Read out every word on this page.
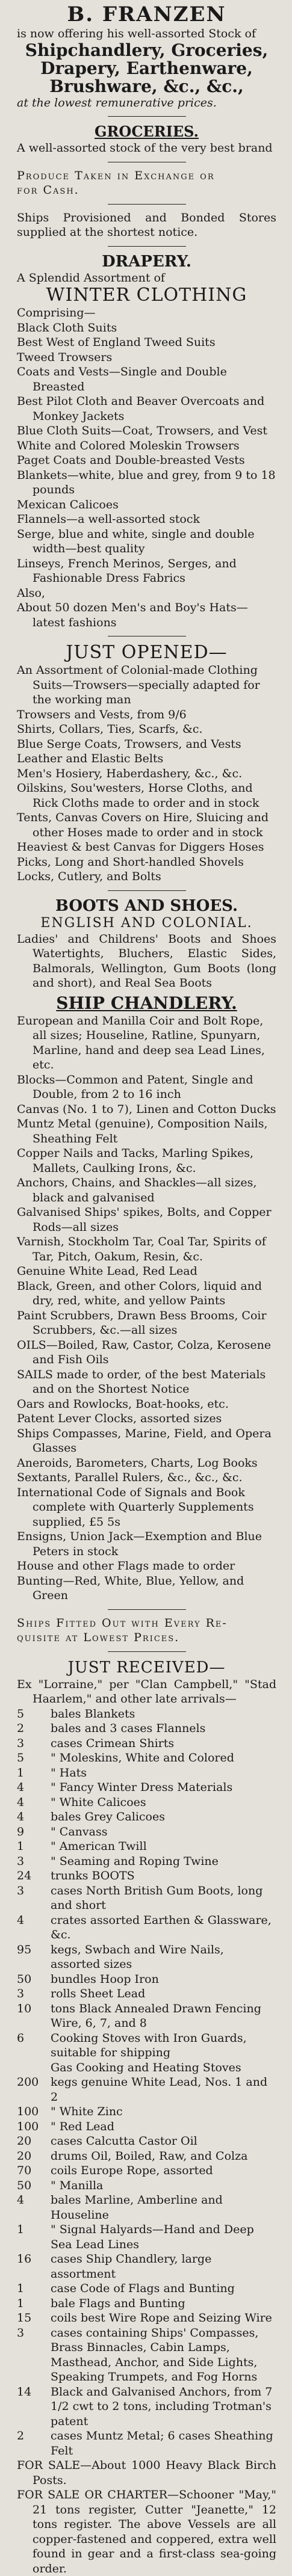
B. FRANZEN
is now offering his well-assorted Stock of
Shipchandlery, Groceries,
Drapery, Earthenware,
Brushware, &c., &c.,
at the lowest remunerative prices.
GROCERIES.
A well-assorted stock of the very best brand
Produce Taken in Exchange or
for Cash.
Ships Provisioned and Bonded Stores supplied at the shortest notice.
DRAPERY.
A Splendid Assortment of
WINTER CLOTHING
Comprising—
Black Cloth Suits
Best West of England Tweed Suits
Tweed Trowsers
Coats and Vests—Single and Double Breasted
Best Pilot Cloth and Beaver Overcoats and Monkey Jackets
Blue Cloth Suits—Coat, Trowsers, and Vest
White and Colored Moleskin Trowsers
Paget Coats and Double-breasted Vests
Blankets—white, blue and grey, from 9 to 18 pounds
Mexican Calicoes
Flannels—a well-assorted stock
Serge, blue and white, single and double width—best quality
Linseys, French Merinos, Serges, and Fashionable Dress Fabrics
Also,
About 50 dozen Men's and Boy's Hats—latest fashions
JUST OPENED—
An Assortment of Colonial-made Clothing Suits—Trowsers—specially adapted for the working man
Trowsers and Vests, from 9/6
Shirts, Collars, Ties, Scarfs, &c.
Blue Serge Coats, Trowsers, and Vests
Leather and Elastic Belts
Men's Hosiery, Haberdashery, &c., &c.
Oilskins, Sou'westers, Horse Cloths, and Rick Cloths made to order and in stock
Tents, Canvas Covers on Hire, Sluicing and other Hoses made to order and in stock
Heaviest & best Canvas for Diggers Hoses
Picks, Long and Short-handled Shovels
Locks, Cutlery, and Bolts
BOOTS AND SHOES.
ENGLISH AND COLONIAL.
Ladies' and Childrens' Boots and Shoes Watertights, Bluchers, Elastic Sides, Balmorals, Wellington, Gum Boots (long and short), and Real Sea Boots
SHIP CHANDLERY.
European and Manilla Coir and Bolt Rope, all sizes; Houseline, Ratline, Spunyarn, Marline, hand and deep sea Lead Lines, etc.
Blocks—Common and Patent, Single and Double, from 2 to 16 inch
Canvas (No. 1 to 7), Linen and Cotton Ducks
Muntz Metal (genuine), Composition Nails, Sheathing Felt
Copper Nails and Tacks, Marling Spikes, Mallets, Caulking Irons, &c.
Anchors, Chains, and Shackles—all sizes, black and galvanised
Galvanised Ships' spikes, Bolts, and Copper Rods—all sizes
Varnish, Stockholm Tar, Coal Tar, Spirits of Tar, Pitch, Oakum, Resin, &c.
Genuine White Lead, Red Lead
Black, Green, and other Colors, liquid and dry, red, white, and yellow Paints
Paint Scrubbers, Drawn Bess Brooms, Coir Scrubbers, &c.—all sizes
OILS—Boiled, Raw, Castor, Colza, Kerosene and Fish Oils
SAILS made to order, of the best Materials and on the Shortest Notice
Oars and Rowlocks, Boat-hooks, etc.
Patent Lever Clocks, assorted sizes
Ships Compasses, Marine, Field, and Opera Glasses
Aneroids, Barometers, Charts, Log Books
Sextants, Parallel Rulers, &c., &c., &c.
International Code of Signals and Book complete with Quarterly Supplements supplied, £5 5s
Ensigns, Union Jack—Exemption and Blue Peters in stock
House and other Flags made to order
Bunting—Red, White, Blue, Yellow, and Green
Ships Fitted Out with Every Re-
quisite at Lowest Prices.
JUST RECEIVED—
Ex "Lorraine," per "Clan Campbell," "Stad Haarlem," and other late arrivals—
5	bales Blankets
2	bales and 3 cases Flannels
3	cases Crimean Shirts
5	" Moleskins, White and Colored
1	" Hats
4	" Fancy Winter Dress Materials
4	" White Calicoes
4	bales Grey Calicoes
9	" Canvass
1	" American Twill
3	" Seaming and Roping Twine
24	trunks BOOTS
3	cases North British Gum Boots, long and short
4	crates assorted Earthen & Glassware, &c.
95	kegs, Swbach and Wire Nails, assorted sizes
50	bundles Hoop Iron
3	rolls Sheet Lead
10	tons Black Annealed Drawn Fencing Wire, 6, 7, and 8
6	Cooking Stoves with Iron Guards, suitable for shipping
Gas Cooking and Heating Stoves
200	kegs genuine White Lead, Nos. 1 and 2
100	" White Zinc
100	" Red Lead
20	cases Calcutta Castor Oil
20	drums Oil, Boiled, Raw, and Colza
70	coils Europe Rope, assorted
50	" Manilla
4	bales Marline, Amberline and Houseline
1	" Signal Halyards—Hand and Deep Sea Lead Lines
16	cases Ship Chandlery, large assortment
1	case Code of Flags and Bunting
1	bale Flags and Bunting
15	coils best Wire Rope and Seizing Wire
3	cases containing Ships' Compasses, Brass Binnacles, Cabin Lamps, Masthead, Anchor, and Side Lights, Speaking Trumpets, and Fog Horns
14	Black and Galvanised Anchors, from 7 1/2 cwt to 2 tons, including Trotman's patent
2	cases Muntz Metal; 6 cases Sheathing Felt
FOR SALE—About 1000 Heavy Black Birch Posts.
FOR SALE OR CHARTER—Schooner "May," 21 tons register, Cutter "Jeanette," 12 tons register. The above Vessels are all copper-fastened and coppered, extra well found in gear and a first-class sea-going order.
